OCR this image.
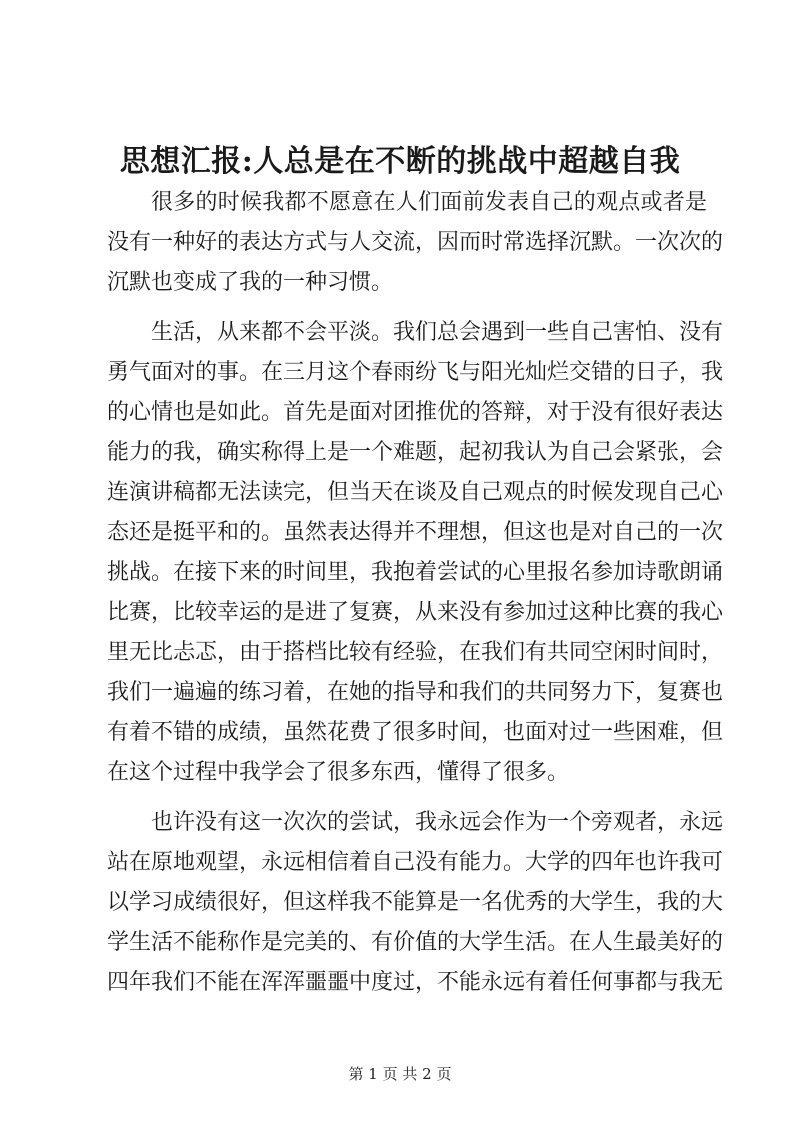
思想汇报:人总是在不断的挑战中超越自我
很多的时候我都不愿意在人们面前发表自己的观点或者是
没有一种好的表达方式与人交流，因而时常选择沉默。一次次的
沉默也变成了我的一种习惯。
生活，从来都不会平淡。我们总会遇到一些自己害怕、没有
勇气面对的事。在三月这个春雨纷飞与阳光灿烂交错的日子，我
的心情也是如此。首先是面对团推优的答辩，对于没有很好表达
能力的我，确实称得上是一个难题，起初我认为自己会紧张，会
连演讲稿都无法读完，但当天在谈及自己观点的时候发现自己心
态还是挺平和的。虽然表达得并不理想，但这也是对自己的一次
挑战。在接下来的时间里，我抱着尝试的心里报名参加诗歌朗诵
比赛，比较幸运的是进了复赛，从来没有参加过这种比赛的我心
里无比忐忑，由于搭档比较有经验，在我们有共同空闲时间时，
我们一遍遍的练习着，在她的指导和我们的共同努力下，复赛也
有着不错的成绩，虽然花费了很多时间，也面对过一些困难，但
在这个过程中我学会了很多东西，懂得了很多。
也许没有这一次次的尝试，我永远会作为一个旁观者，永远
站在原地观望，永远相信着自己没有能力。大学的四年也许我可
以学习成绩很好，但这样我不能算是一名优秀的大学生，我的大
学生活不能称作是完美的、有价值的大学生活。在人生最美好的
四年我们不能在浑浑噩噩中度过，不能永远有着任何事都与我无
第 1 页 共 2 页
